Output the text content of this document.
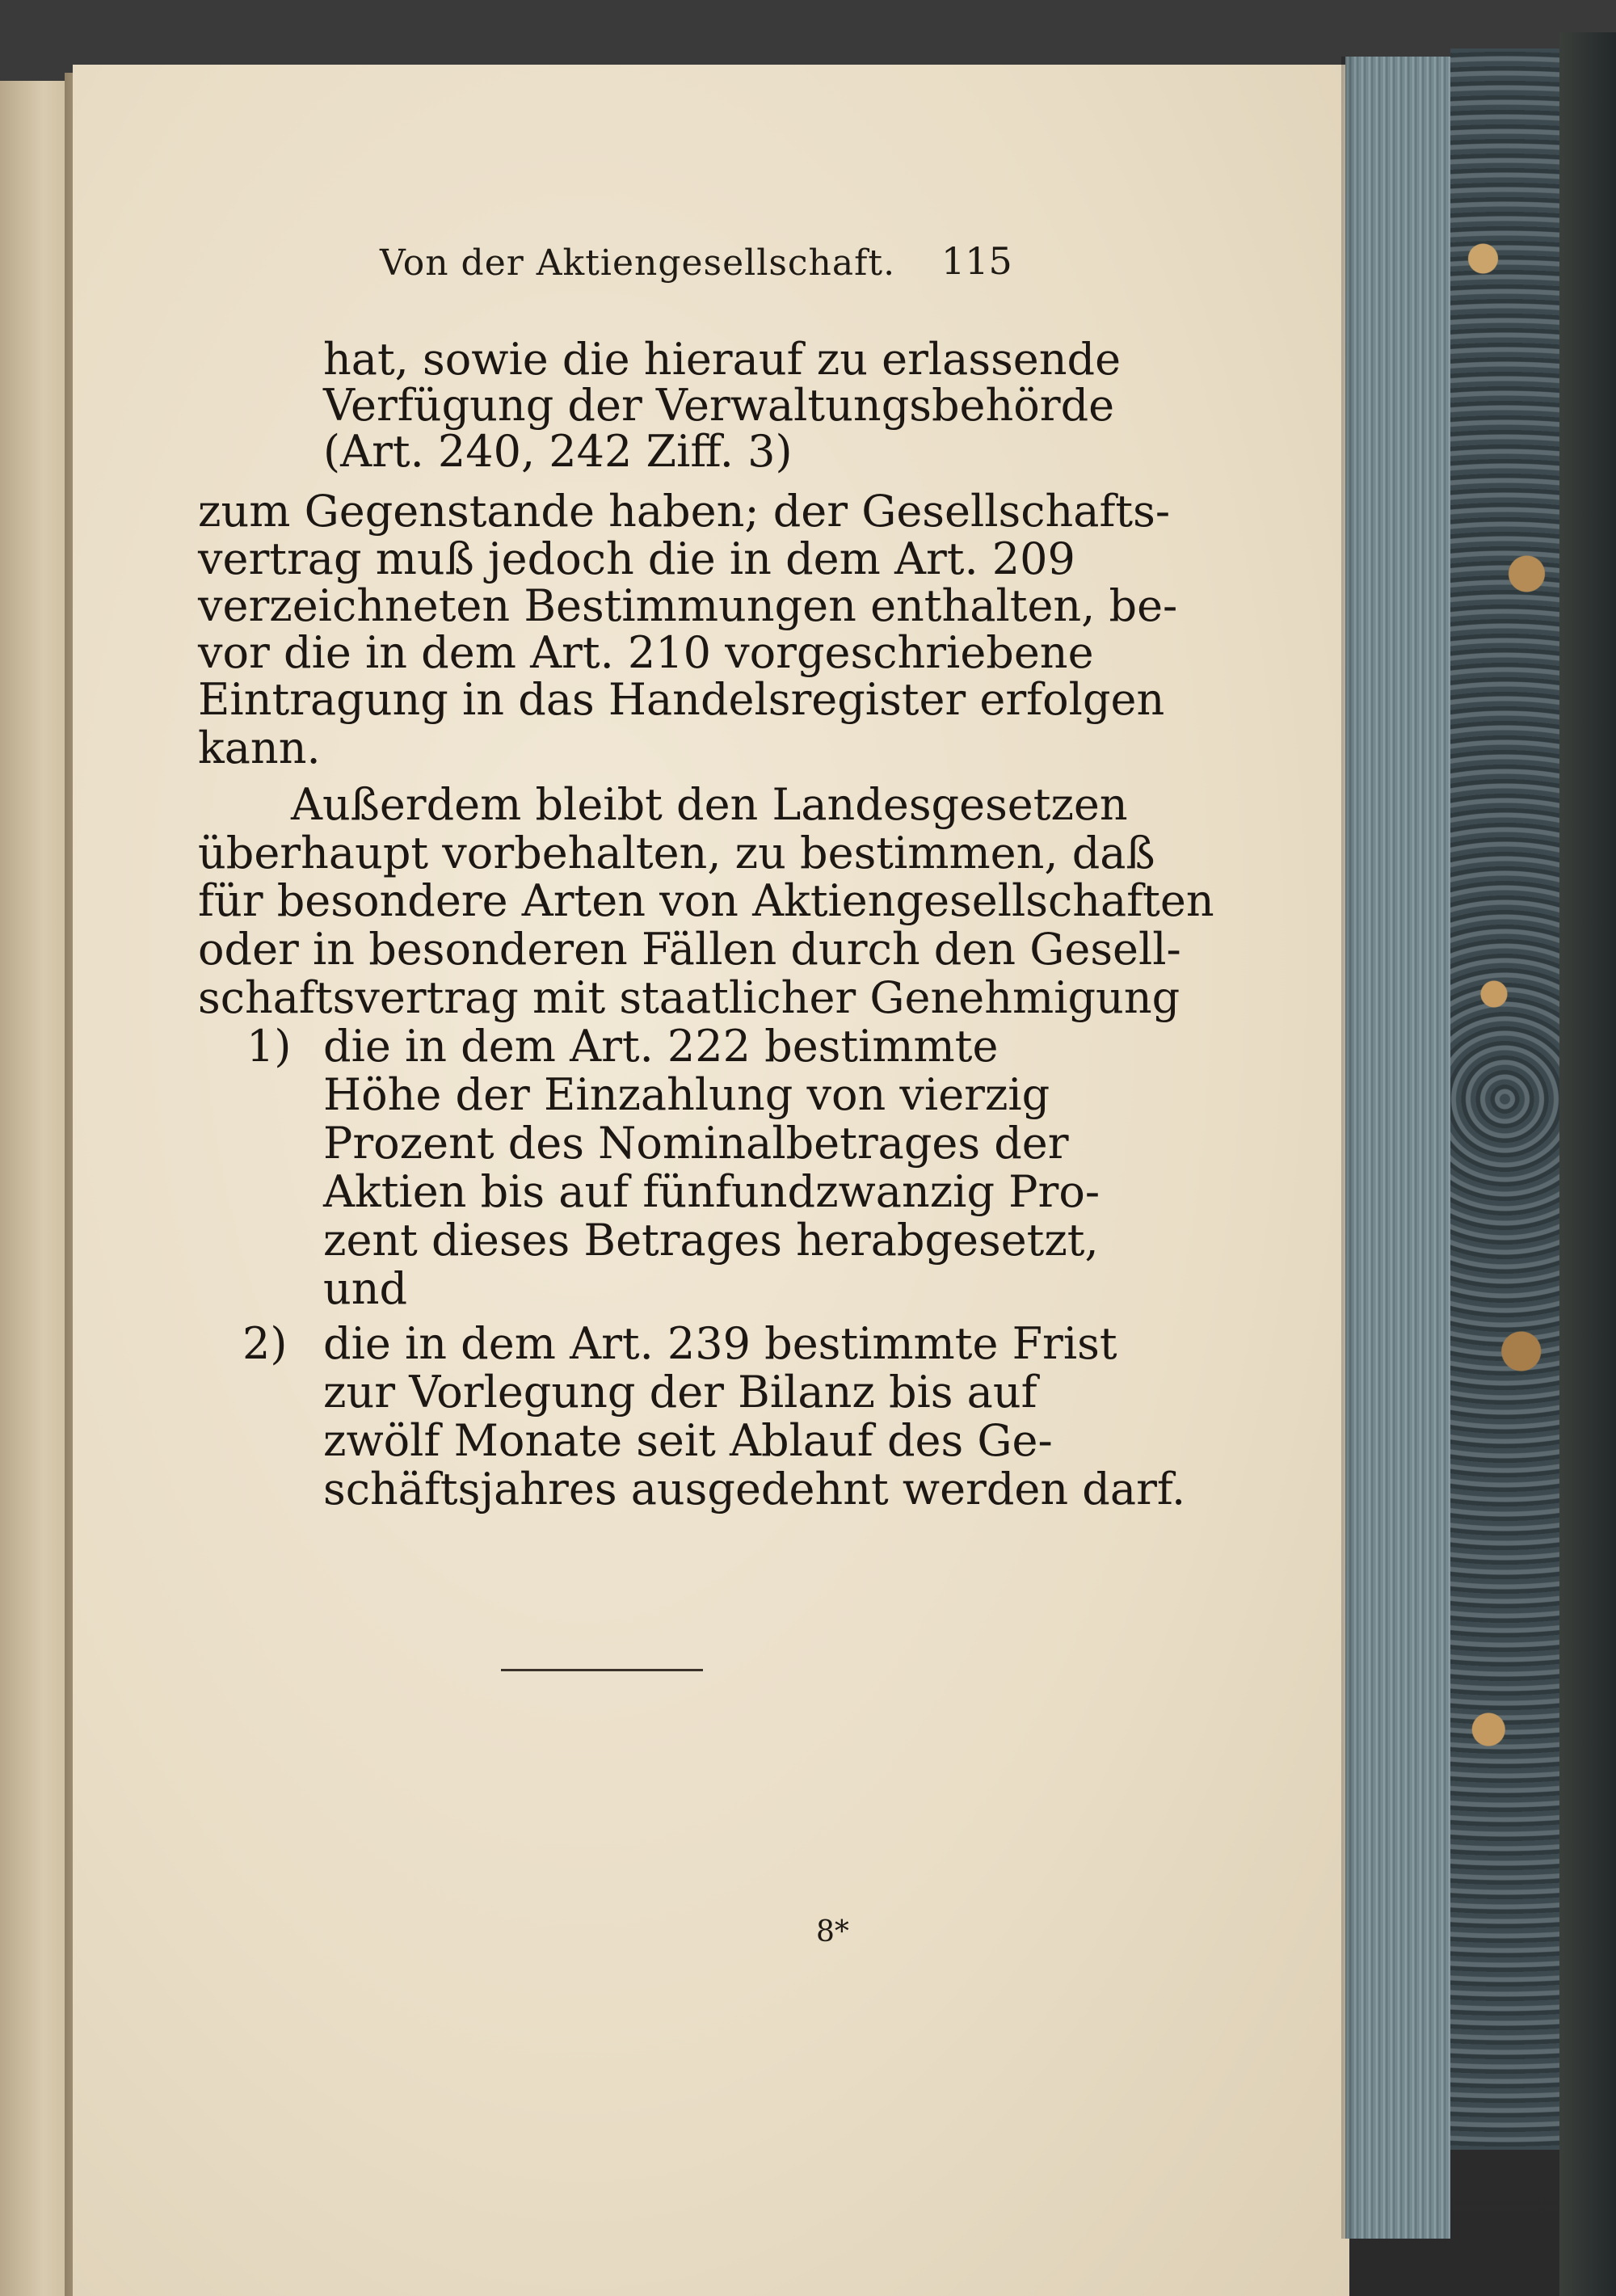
Von der Aktiengesellschaft. 115
hat, sowie die hierauf zu erlassende
Verfügung der Verwaltungsbehörde
(Art. 240, 242 Ziff. 3)
zum Gegenstande haben; der Gesellschafts-
vertrag muß jedoch die in dem Art. 209
verzeichneten Bestimmungen enthalten, be-
vor die in dem Art. 210 vorgeschriebene
Eintragung in das Handelsregister erfolgen
kann.
Außerdem bleibt den Landesgesetzen
überhaupt vorbehalten, zu bestimmen, daß
für besondere Arten von Aktiengesellschaften
oder in besonderen Fällen durch den Gesell-
schaftsvertrag mit staatlicher Genehmigung
1) die in dem Art. 222 bestimmte
Höhe der Einzahlung von vierzig
Prozent des Nominalbetrages der
Aktien bis auf fünfundzwanzig Pro-
zent dieses Betrages herabgesetzt,
und
2) die in dem Art. 239 bestimmte Frist
zur Vorlegung der Bilanz bis auf
zwölf Monate seit Ablauf des Ge-
schäftsjahres ausgedehnt werden darf.
8*
